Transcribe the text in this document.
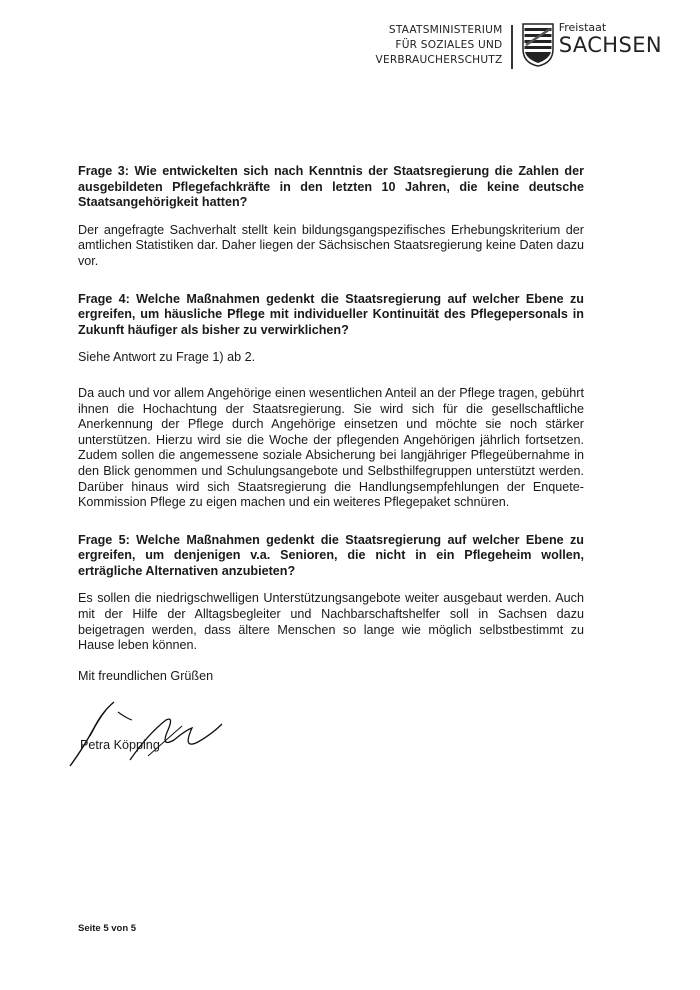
STAATSMINISTERIUM
FÜR SOZIALES UND
VERBRAUCHERSCHUTZ
Freistaat
SACHSEN

Frage 3: Wie entwickelten sich nach Kenntnis der Staatsregierung die Zahlen der ausgebildeten Pflegefachkräfte in den letzten 10 Jahren, die keine deutsche Staatsangehörigkeit hatten?

Der angefragte Sachverhalt stellt kein bildungsgangspezifisches Erhebungskriterium der amtlichen Statistiken dar. Daher liegen der Sächsischen Staatsregierung keine Daten dazu vor.

Frage 4: Welche Maßnahmen gedenkt die Staatsregierung auf welcher Ebene zu ergreifen, um häusliche Pflege mit individueller Kontinuität des Pflegepersonals in Zukunft häufiger als bisher zu verwirklichen?

Siehe Antwort zu Frage 1) ab 2.

Da auch und vor allem Angehörige einen wesentlichen Anteil an der Pflege tragen, gebührt ihnen die Hochachtung der Staatsregierung. Sie wird sich für die gesellschaftliche Anerkennung der Pflege durch Angehörige einsetzen und möchte sie noch stärker unterstützen. Hierzu wird sie die Woche der pflegenden Angehörigen jährlich fortsetzen. Zudem sollen die angemessene soziale Absicherung bei langjähriger Pflegeübernahme in den Blick genommen und Schulungsangebote und Selbsthilfegruppen unterstützt werden. Darüber hinaus wird sich Staatsregierung die Handlungsempfehlungen der Enquete-Kommission Pflege zu eigen machen und ein weiteres Pflegepaket schnüren.

Frage 5: Welche Maßnahmen gedenkt die Staatsregierung auf welcher Ebene zu ergreifen, um denjenigen v.a. Senioren, die nicht in ein Pflegeheim wollen, erträgliche Alternativen anzubieten?

Es sollen die niedrigschwelligen Unterstützungsangebote weiter ausgebaut werden. Auch mit der Hilfe der Alltagsbegleiter und Nachbarschaftshelfer soll in Sachsen dazu beigetragen werden, dass ältere Menschen so lange wie möglich selbstbestimmt zu Hause leben können.

Mit freundlichen Grüßen
Petra Köpping
Seite 5 von 5
